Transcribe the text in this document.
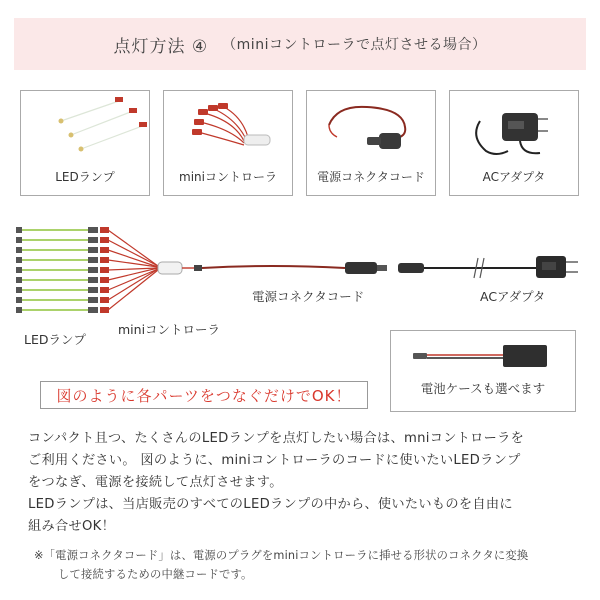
点灯方法 ④ （miniコントローラで点灯させる場合）
LEDランプ	miniコントローラ	電源コネクタコード	ACアダプタ
電源コネクタコード	ACアダプタ
miniコントローラ
LEDランプ
電池ケースも選べます
図のように各パーツをつなぐだけでOK！

コンパクト且つ、たくさんのLEDランプを点灯したい場合は、mniコントローラを

ご利用ください。 図のように、miniコントローラのコードに使いたいLEDランプ

をつなぎ、電源を接続して点灯させます。

LEDランプは、当店販売のすべてのLEDランプの中から、使いたいものを自由に

組み合せOK！

※「電源コネクタコード」は、電源のプラグをminiコントローラに挿せる形状のコネクタに変換

して接続するための中継コードです。
